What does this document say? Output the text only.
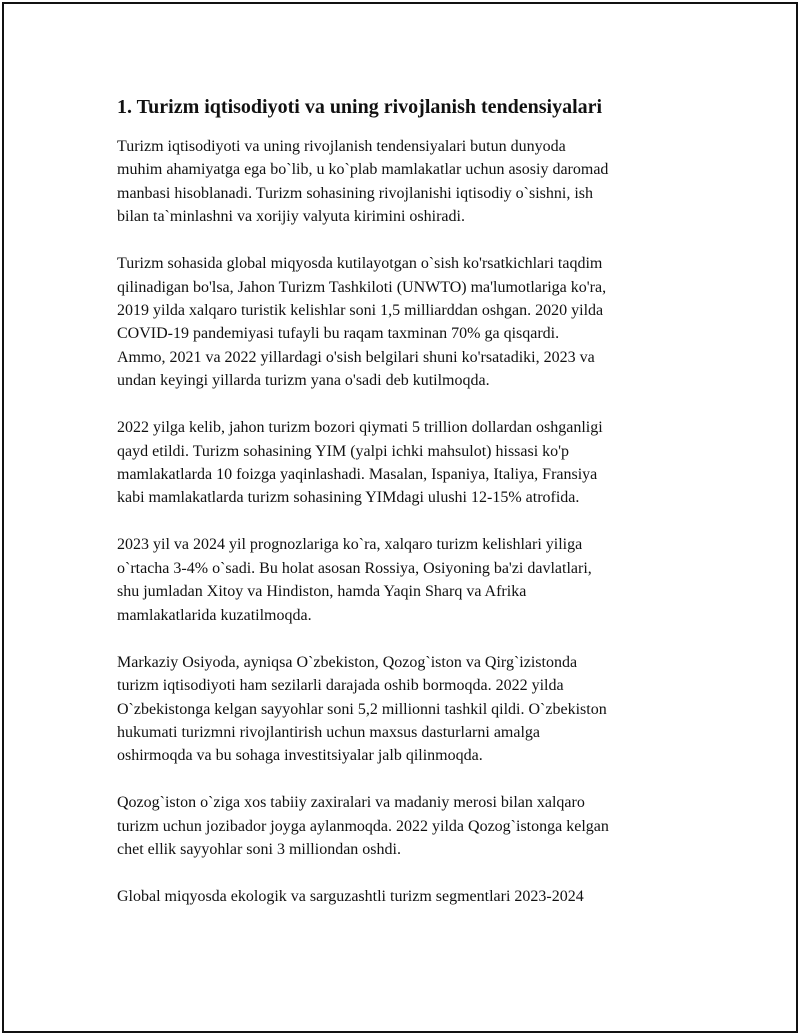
1. Turizm iqtisodiyoti va uning rivojlanish tendensiyalari

Turizm iqtisodiyoti va uning rivojlanish tendensiyalari butun dunyoda
muhim ahamiyatga ega bo`lib, u ko`plab mamlakatlar uchun asosiy daromad
manbasi hisoblanadi. Turizm sohasining rivojlanishi iqtisodiy o`sishni, ish
bilan ta`minlashni va xorijiy valyuta kirimini oshiradi.

Turizm sohasida global miqyosda kutilayotgan o`sish ko'rsatkichlari taqdim
qilinadigan bo'lsa, Jahon Turizm Tashkiloti (UNWTO) ma'lumotlariga ko'ra,
2019 yilda xalqaro turistik kelishlar soni 1,5 milliarddan oshgan. 2020 yilda
COVID-19 pandemiyasi tufayli bu raqam taxminan 70% ga qisqardi.
Ammo, 2021 va 2022 yillardagi o'sish belgilari shuni ko'rsatadiki, 2023 va
undan keyingi yillarda turizm yana o'sadi deb kutilmoqda.

2022 yilga kelib, jahon turizm bozori qiymati 5 trillion dollardan oshganligi
qayd etildi. Turizm sohasining YIM (yalpi ichki mahsulot) hissasi ko'p
mamlakatlarda 10 foizga yaqinlashadi. Masalan, Ispaniya, Italiya, Fransiya
kabi mamlakatlarda turizm sohasining YIMdagi ulushi 12-15% atrofida.

2023 yil va 2024 yil prognozlariga ko`ra, xalqaro turizm kelishlari yiliga
o`rtacha 3-4% o`sadi. Bu holat asosan Rossiya, Osiyoning ba'zi davlatlari,
shu jumladan Xitoy va Hindiston, hamda Yaqin Sharq va Afrika
mamlakatlarida kuzatilmoqda.

Markaziy Osiyoda, ayniqsa O`zbekiston, Qozog`iston va Qirg`izistonda
turizm iqtisodiyoti ham sezilarli darajada oshib bormoqda. 2022 yilda
O`zbekistonga kelgan sayyohlar soni 5,2 millionni tashkil qildi. O`zbekiston
hukumati turizmni rivojlantirish uchun maxsus dasturlarni amalga
oshirmoqda va bu sohaga investitsiyalar jalb qilinmoqda.

Qozog`iston o`ziga xos tabiiy zaxiralari va madaniy merosi bilan xalqaro
turizm uchun jozibador joyga aylanmoqda. 2022 yilda Qozog`istonga kelgan
chet ellik sayyohlar soni 3 milliondan oshdi.

Global miqyosda ekologik va sarguzashtli turizm segmentlari 2023-2024
